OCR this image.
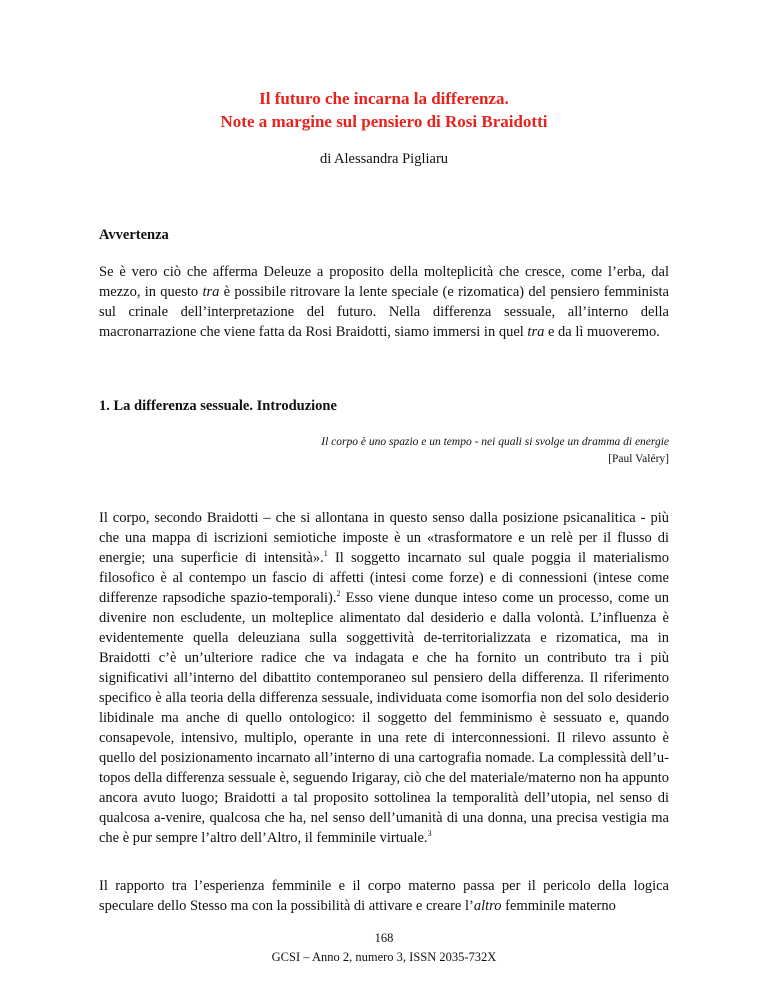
Il futuro che incarna la differenza.
Note a margine sul pensiero di Rosi Braidotti
di Alessandra Pigliaru
Avvertenza

Se è vero ciò che afferma Deleuze a proposito della molteplicità che cresce, come l’erba, dal mezzo, in questo tra è possibile ritrovare la lente speciale (e rizomatica) del pensiero femminista sul crinale dell’interpretazione del futuro. Nella differenza sessuale, all’interno della macronarrazione che viene fatta da Rosi Braidotti, siamo immersi in quel tra e da lì muoveremo.

1. La differenza sessuale. Introduzione
Il corpo è uno spazio e un tempo - nei quali si svolge un dramma di energie
[Paul Valéry]

Il corpo, secondo Braidotti – che si allontana in questo senso dalla posizione psicanalitica - più che una mappa di iscrizioni semiotiche imposte è un «trasformatore e un relè per il flusso di energie; una superficie di intensità».$^1$ Il soggetto incarnato sul quale poggia il materialismo filosofico è al contempo un fascio di affetti (intesi come forze) e di connessioni (intese come differenze rapsodiche spazio-temporali).$^2$ Esso viene dunque inteso come un processo, come un divenire non escludente, un molteplice alimentato dal desiderio e dalla volontà. L’influenza è evidentemente quella deleuziana sulla soggettività de-territorializzata e rizomatica, ma in Braidotti c’è un’ulteriore radice che va indagata e che ha fornito un contributo tra i più significativi all’interno del dibattito contemporaneo sul pensiero della differenza. Il riferimento specifico è alla teoria della differenza sessuale, individuata come isomorfia non del solo desiderio libidinale ma anche di quello ontologico: il soggetto del femminismo è sessuato e, quando consapevole, intensivo, multiplo, operante in una rete di interconnessioni. Il rilevo assunto è quello del posizionamento incarnato all’interno di una cartografia nomade. La complessità dell’u-topos della differenza sessuale è, seguendo Irigaray, ciò che del materiale/materno non ha appunto ancora avuto luogo; Braidotti a tal proposito sottolinea la temporalità dell’utopia, nel senso di qualcosa a-venire, qualcosa che ha, nel senso dell’umanità di una donna, una precisa vestigia ma che è pur sempre l’altro dell’Altro, il femminile virtuale.$^3$

Il rapporto tra l’esperienza femminile e il corpo materno passa per il pericolo della logica speculare dello Stesso ma con la possibilità di attivare e creare l’altro femminile materno

168
GCSI – Anno 2, numero 3, ISSN 2035-732X
